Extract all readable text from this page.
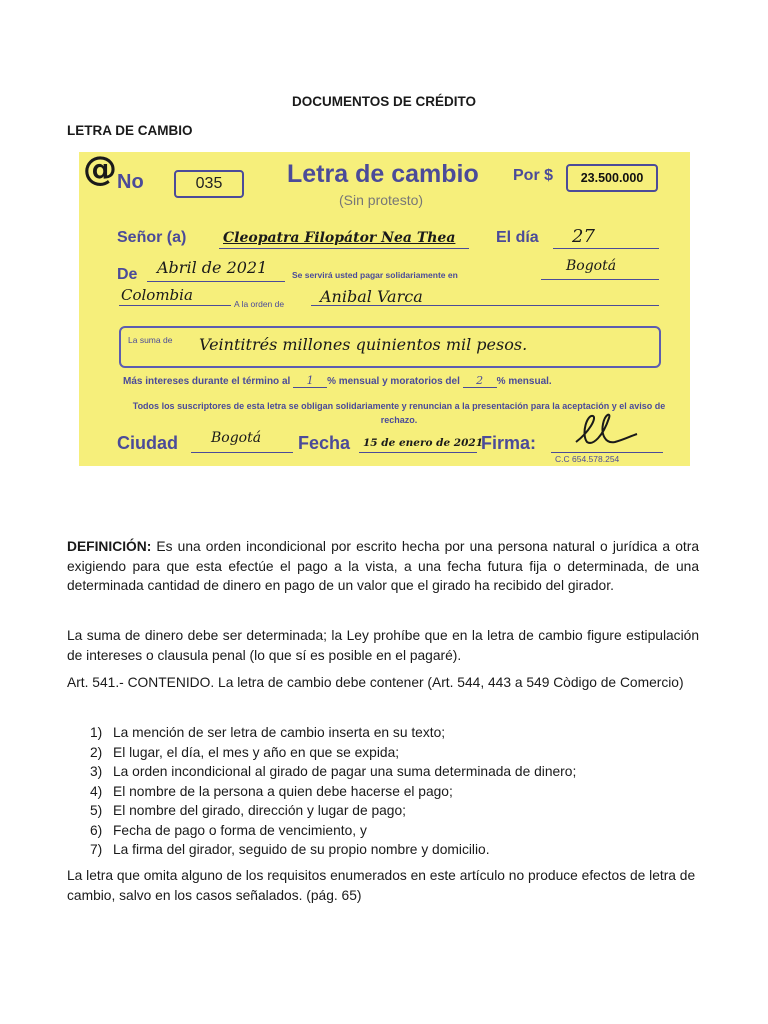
DOCUMENTOS DE CRÉDITO
LETRA DE CAMBIO
@ No	035	Letra de cambio
(Sin protesto)
Por $	23.500.000
Señor (a)	Cleopatra Filopátor Nea Thea	El día 27
De Abril de 2021	Se servirá usted pagar solidariamente en
Bogotá
Colombia	A la orden de Anibal Varca
La suma de Veintitrés millones quinientos mil pesos.
Más intereses durante el término al 1 % mensual y moratorios del 2 % mensual.
Todos los suscriptores de esta letra se obligan solidariamente y renuncian a la presentación para la aceptación y el aviso de rechazo.
Ciudad Bogotá Fecha 15 de enero de 2021
Firma:
C.C 654.578.254

DEFINICIÓN: Es una orden incondicional por escrito hecha por una persona natural o jurídica a otra exigiendo para que esta efectúe el pago a la vista, a una fecha futura fija o determinada, de una determinada cantidad de dinero en pago de un valor que el girado ha recibido del girador.

La suma de dinero debe ser determinada; la Ley prohíbe que en la letra de cambio figure estipulación de intereses o clausula penal (lo que sí es posible en el pagaré).

Art. 541.- CONTENIDO. La letra de cambio debe contener (Art. 544, 443 a 549 Còdigo de Comercio)

1) La mención de ser letra de cambio inserta en su texto;
2) El lugar, el día, el mes y año en que se expida;
3) La orden incondicional al girado de pagar una suma determinada de dinero;
4) El nombre de la persona a quien debe hacerse el pago;
5) El nombre del girado, dirección y lugar de pago;
6) Fecha de pago o forma de vencimiento, y
7) La firma del girador, seguido de su propio nombre y domicilio.

La letra que omita alguno de los requisitos enumerados en este artículo no produce efectos de letra de cambio, salvo en los casos señalados. (pág. 65)
